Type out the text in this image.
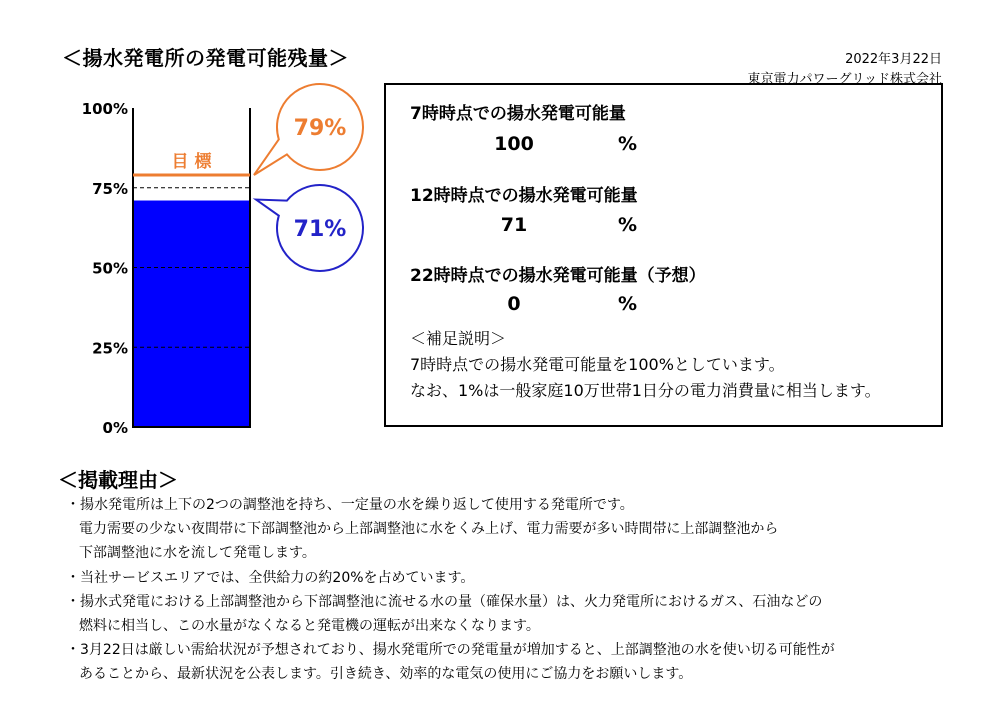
＜揚水発電所の発電可能残量＞	2022年3月22日
東京電力パワーグリッド株式会社
0%
25%
50%
75%
100%
目 標
79%
71%
7時時点での揚水発電可能量
100	%
12時時点での揚水発電可能量
71	%
22時時点での揚水発電可能量（予想）
0	%
＜補足説明＞
7時時点での揚水発電可能量を100%としています。
なお、1%は一般家庭10万世帯1日分の電力消費量に相当します。
＜掲載理由＞
・揚水発電所は上下の2つの調整池を持ち、一定量の水を繰り返して使用する発電所です。
電力需要の少ない夜間帯に下部調整池から上部調整池に水をくみ上げ、電力需要が多い時間帯に上部調整池から
下部調整池に水を流して発電します。
・当社サービスエリアでは、全供給力の約20%を占めています。
・揚水式発電における上部調整池から下部調整池に流せる水の量（確保水量）は、火力発電所におけるガス、石油などの
燃料に相当し、この水量がなくなると発電機の運転が出来なくなります。
・3月22日は厳しい需給状況が予想されており、揚水発電所での発電量が増加すると、上部調整池の水を使い切る可能性が
あることから、最新状況を公表します。引き続き、効率的な電気の使用にご協力をお願いします。
